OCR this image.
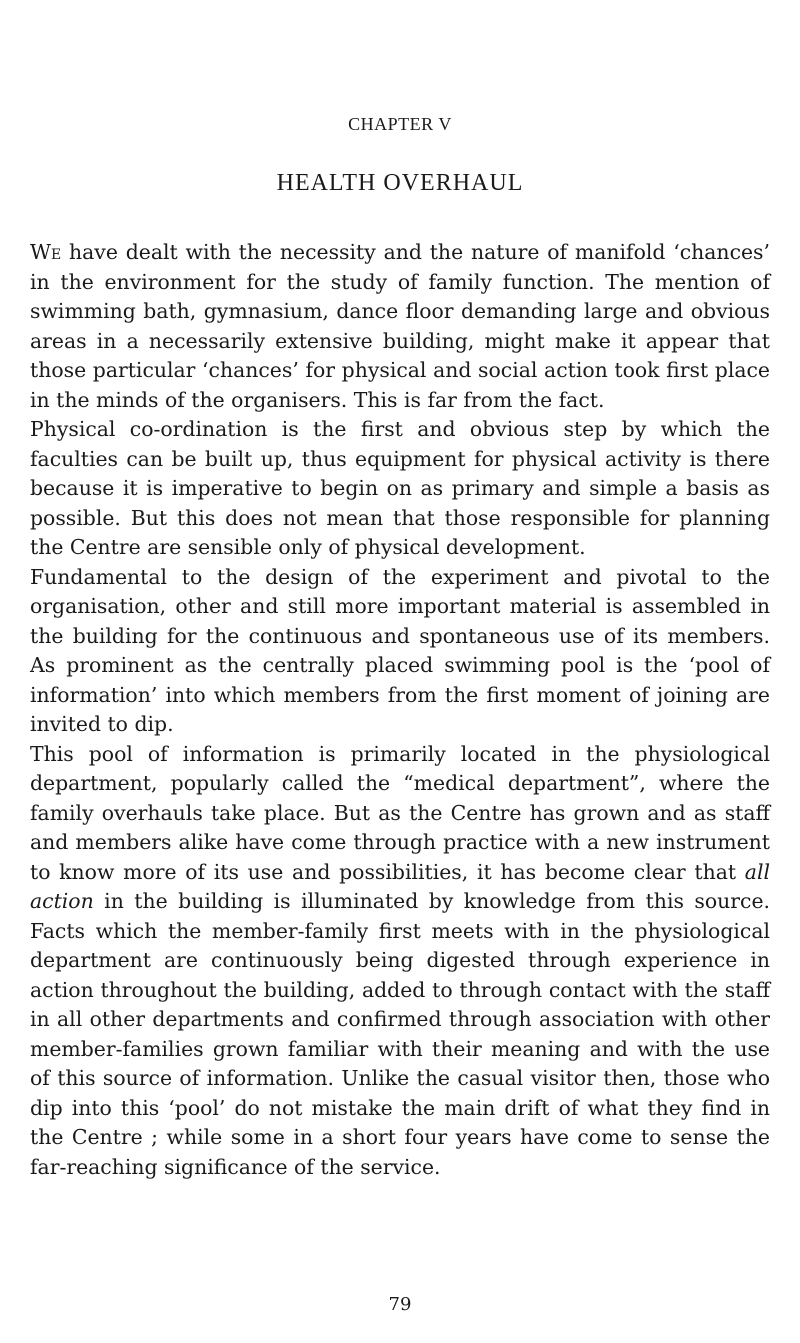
CHAPTER V
HEALTH OVERHAUL

We have dealt with the necessity and the nature of manifold ‘chances’ in the environment for the study of family function. The mention of swimming bath, gymnasium, dance floor demanding large and obvious areas in a necessarily extensive building, might make it appear that those particular ‘chances’ for physical and social action took first place in the minds of the organisers. This is far from the fact.

Physical co-ordination is the first and obvious step by which the faculties can be built up, thus equipment for physical activity is there because it is imperative to begin on as primary and simple a basis as possible. But this does not mean that those responsible for planning the Centre are sensible only of physical development.

Fundamental to the design of the experiment and pivotal to the organisation, other and still more important material is assembled in the building for the continuous and spontaneous use of its members. As prominent as the centrally placed swimming pool is the ‘pool of information’ into which members from the first moment of joining are invited to dip.

This pool of information is primarily located in the physiological department, popularly called the “medical department”, where the family overhauls take place. But as the Centre has grown and as staff and members alike have come through practice with a new instrument to know more of its use and possibilities, it has become clear that all action in the building is illuminated by knowledge from this source. Facts which the member-family first meets with in the physiological department are continuously being digested through experience in action throughout the building, added to through contact with the staff in all other departments and confirmed through association with other member-families grown familiar with their meaning and with the use of this source of information. Unlike the casual visitor then, those who dip into this ‘pool’ do not mistake the main drift of what they find in the Centre ; while some in a short four years have come to sense the far-reaching significance of the service.

79
